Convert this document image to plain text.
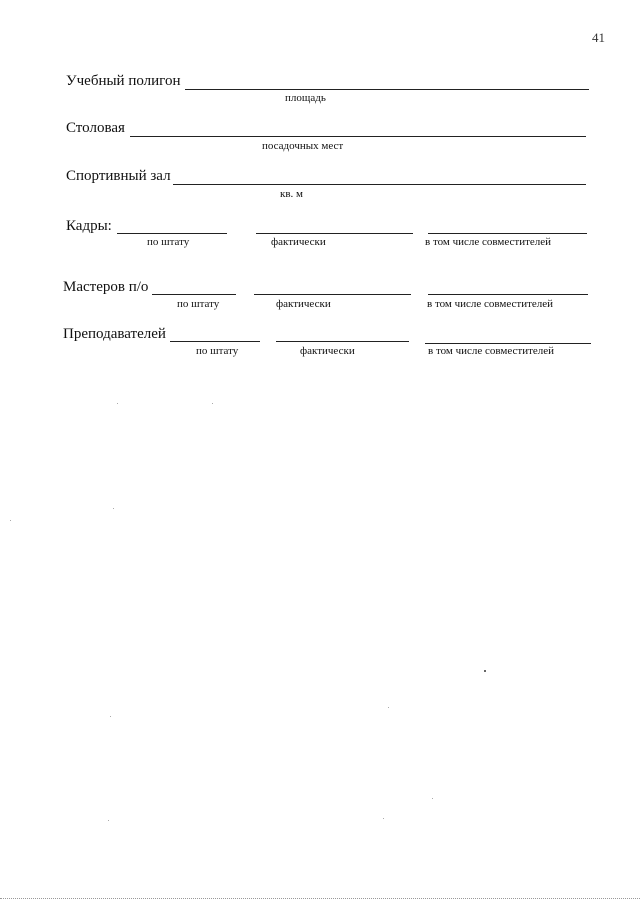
41
Учебный полигон
площадь
Столовая
посадочных мест
Спортивный зал
кв. м
Кадры:
по штату	фактически	в том числе совместителей
Мастеров п/о
по штату	фактически	в том числе совместителей
Преподавателей
по штату	фактически	в том числе совместителей
